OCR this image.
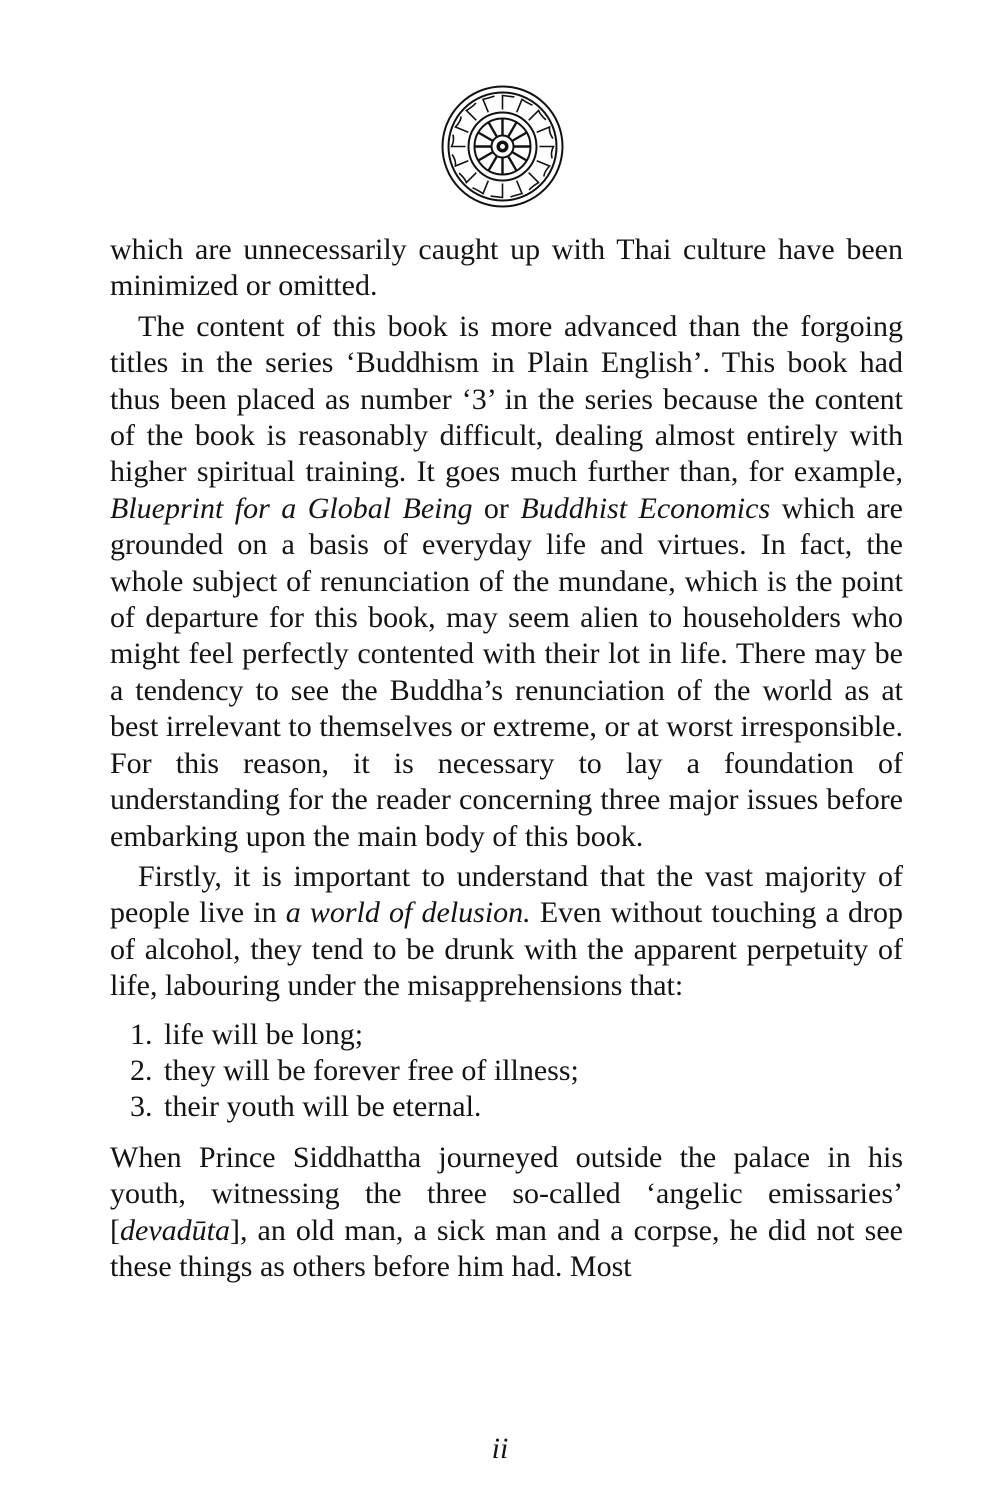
which are unnecessarily caught up with Thai culture have been minimized or omitted.

The content of this book is more advanced than the forgoing titles in the series ‘Buddhism in Plain English’. This book had thus been placed as number ‘3’ in the series because the content of the book is reasonably difficult, dealing almost entirely with higher spiritual training. It goes much further than, for example, Blueprint for a Global Being or Buddhist Economics which are grounded on a basis of everyday life and virtues. In fact, the whole subject of renunciation of the mundane, which is the point of departure for this book, may seem alien to householders who might feel perfectly contented with their lot in life. There may be a tendency to see the Buddha’s renunciation of the world as at best irrelevant to themselves or extreme, or at worst irresponsible. For this reason, it is necessary to lay a foundation of understanding for the reader concerning three major issues before embarking upon the main body of this book.

Firstly, it is important to understand that the vast majority of people live in a world of delusion. Even without touching a drop of alcohol, they tend to be drunk with the apparent perpetuity of life, labouring under the misapprehensions that:

1. life will be long;
2. they will be forever free of illness;
3. their youth will be eternal.

When Prince Siddhattha journeyed outside the palace in his youth, witnessing the three so-called ‘angelic emissaries’ [devadūta], an old man, a sick man and a corpse, he did not see these things as others before him had. Most

ii
